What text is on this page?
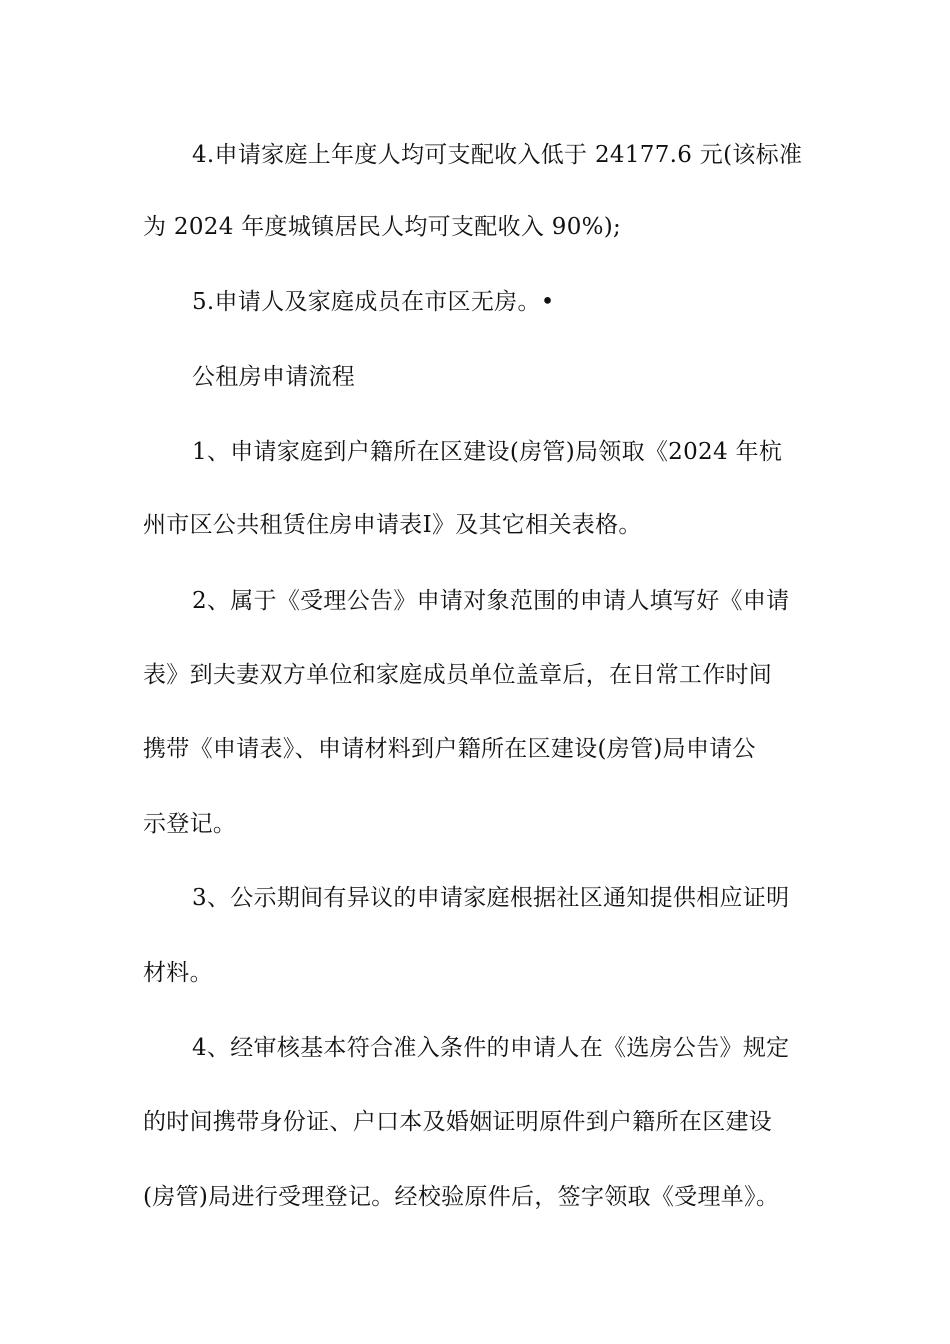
4.申请家庭上年度人均可支配收入低于 24177.6 元(该标准
为 2024 年度城镇居民人均可支配收入 90%);
5.申请人及家庭成员在市区无房。•
公租房申请流程
1、申请家庭到户籍所在区建设(房管)局领取《2024 年杭
州市区公共租赁住房申请表Ⅰ》及其它相关表格。
2、属于《受理公告》申请对象范围的申请人填写好《申请
表》到夫妻双方单位和家庭成员单位盖章后，在日常工作时间
携带《申请表》、申请材料到户籍所在区建设(房管)局申请公
示登记。
3、公示期间有异议的申请家庭根据社区通知提供相应证明
材料。
4、经审核基本符合准入条件的申请人在《选房公告》规定
的时间携带身份证、户口本及婚姻证明原件到户籍所在区建设
(房管)局进行受理登记。经校验原件后，签字领取《受理单》。
